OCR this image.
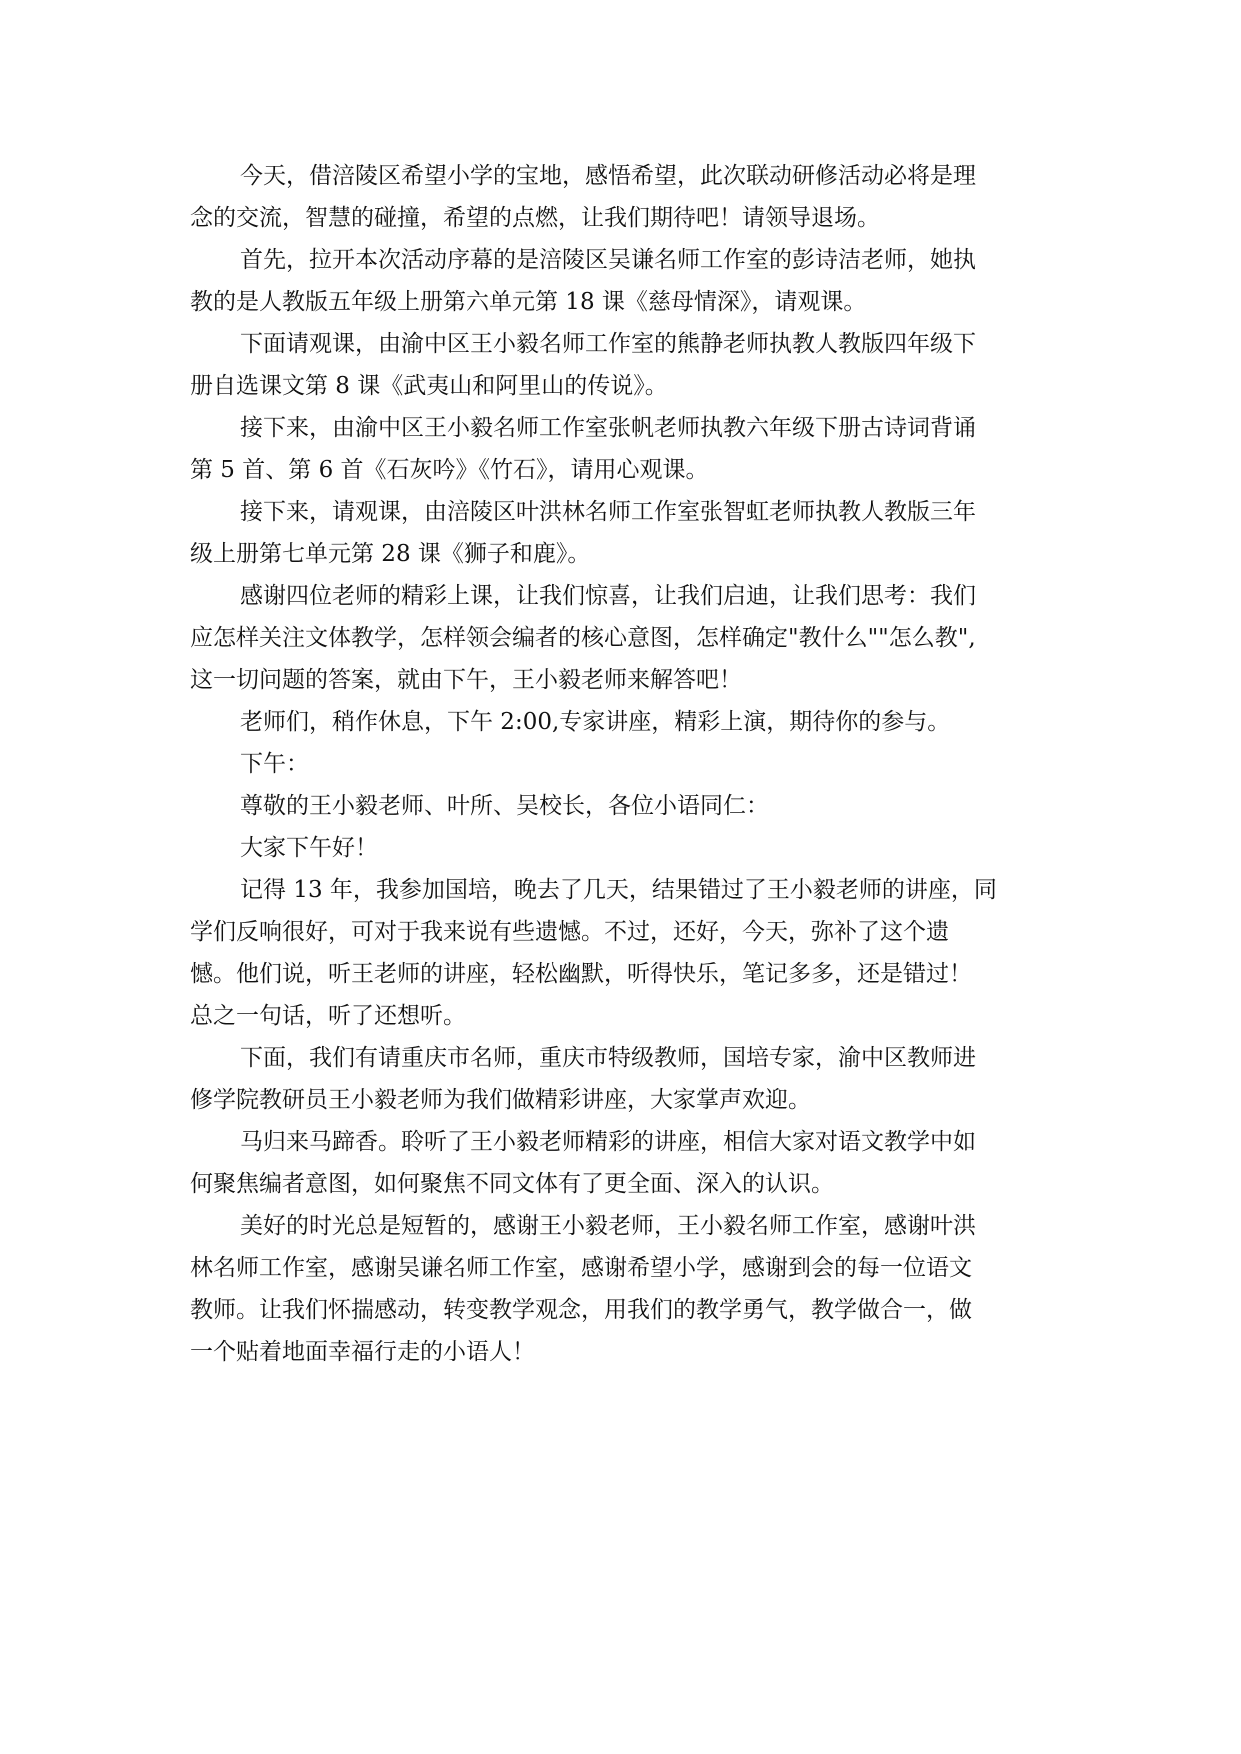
今天，借涪陵区希望小学的宝地，感悟希望，此次联动研修活动必将是理
念的交流，智慧的碰撞，希望的点燃，让我们期待吧！请领导退场。
首先，拉开本次活动序幕的是涪陵区吴谦名师工作室的彭诗洁老师，她执
教的是人教版五年级上册第六单元第 18 课《慈母情深》，请观课。
下面请观课，由渝中区王小毅名师工作室的熊静老师执教人教版四年级下
册自选课文第 8 课《武夷山和阿里山的传说》。
接下来，由渝中区王小毅名师工作室张帆老师执教六年级下册古诗词背诵
第 5 首、第 6 首《石灰吟》《竹石》，请用心观课。
接下来，请观课，由涪陵区叶洪林名师工作室张智虹老师执教人教版三年
级上册第七单元第 28 课《狮子和鹿》。
感谢四位老师的精彩上课，让我们惊喜，让我们启迪，让我们思考：我们
应怎样关注文体教学，怎样领会编者的核心意图，怎样确定"教什么""怎么教",
这一切问题的答案，就由下午，王小毅老师来解答吧！
老师们，稍作休息，下午 2:00,专家讲座，精彩上演，期待你的参与。
下午：
尊敬的王小毅老师、叶所、吴校长，各位小语同仁：
大家下午好！
记得 13 年，我参加国培，晚去了几天，结果错过了王小毅老师的讲座，同
学们反响很好，可对于我来说有些遗憾。不过，还好，今天，弥补了这个遗
憾。他们说，听王老师的讲座，轻松幽默，听得快乐，笔记多多，还是错过！
总之一句话，听了还想听。
下面，我们有请重庆市名师，重庆市特级教师，国培专家，渝中区教师进
修学院教研员王小毅老师为我们做精彩讲座，大家掌声欢迎。
马归来马蹄香。聆听了王小毅老师精彩的讲座，相信大家对语文教学中如
何聚焦编者意图，如何聚焦不同文体有了更全面、深入的认识。
美好的时光总是短暂的，感谢王小毅老师，王小毅名师工作室，感谢叶洪
林名师工作室，感谢吴谦名师工作室，感谢希望小学，感谢到会的每一位语文
教师。让我们怀揣感动，转变教学观念，用我们的教学勇气，教学做合一，做
一个贴着地面幸福行走的小语人！
